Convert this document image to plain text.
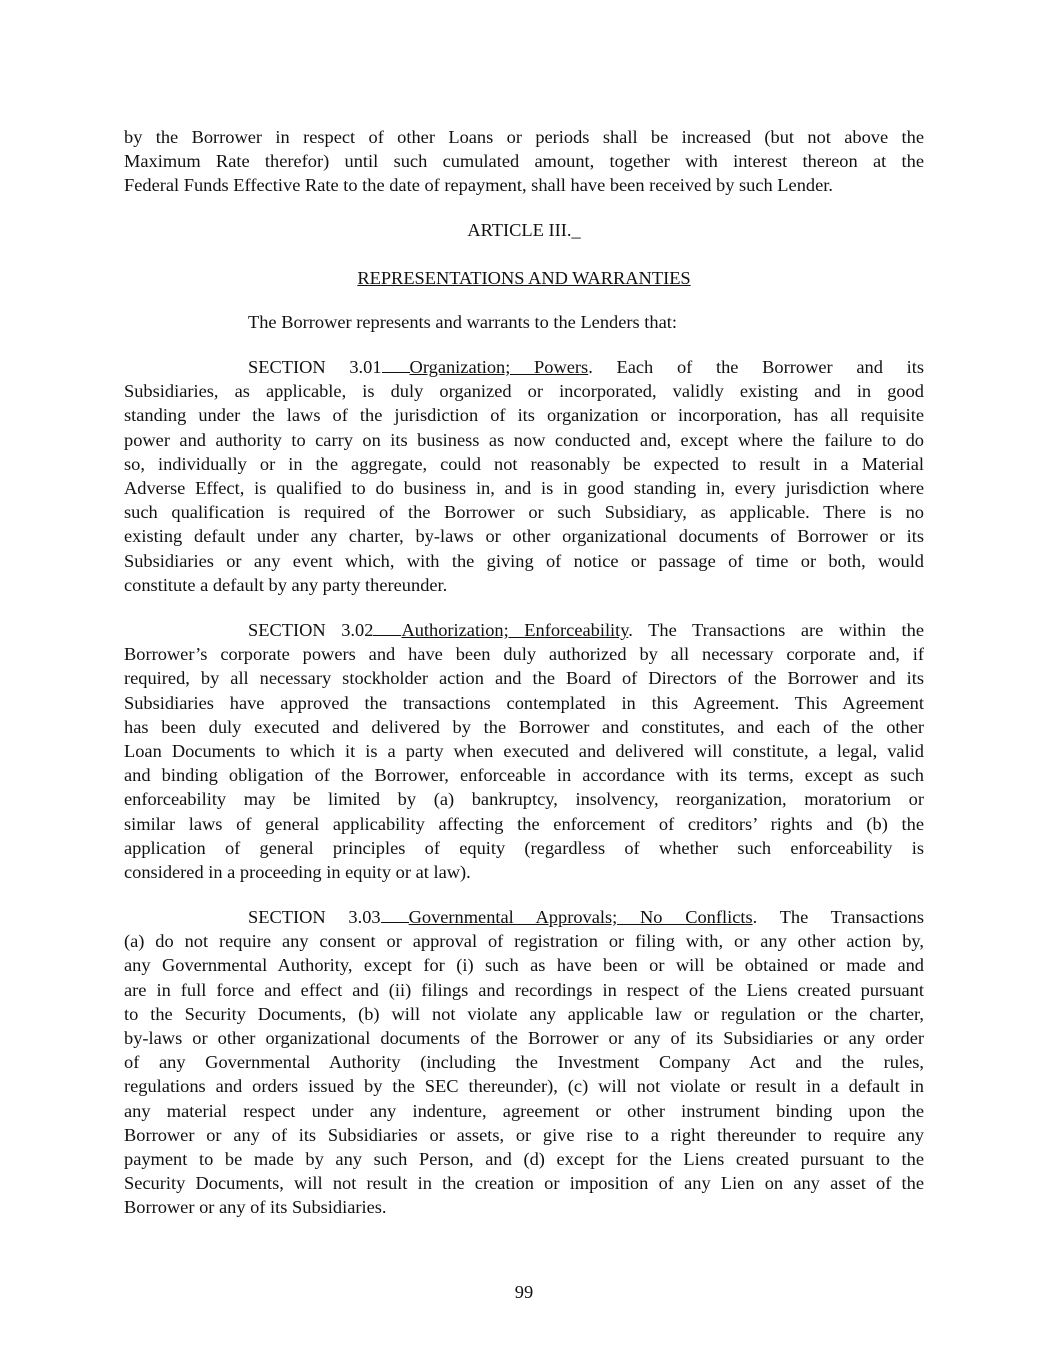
by the Borrower in respect of other Loans or periods shall be increased (but not above the
Maximum Rate therefor) until such cumulated amount, together with interest thereon at the
Federal Funds Effective Rate to the date of repayment, shall have been received by such Lender.
ARTICLE III._
REPRESENTATIONS AND WARRANTIES
The Borrower represents and warrants to the Lenders that:
SECTION 3.01 Organization; Powers. Each of the Borrower and its
Subsidiaries, as applicable, is duly organized or incorporated, validly existing and in good
standing under the laws of the jurisdiction of its organization or incorporation, has all requisite
power and authority to carry on its business as now conducted and, except where the failure to do
so, individually or in the aggregate, could not reasonably be expected to result in a Material
Adverse Effect, is qualified to do business in, and is in good standing in, every jurisdiction where
such qualification is required of the Borrower or such Subsidiary, as applicable. There is no
existing default under any charter, by-laws or other organizational documents of Borrower or its
Subsidiaries or any event which, with the giving of notice or passage of time or both, would
constitute a default by any party thereunder.
SECTION 3.02 Authorization; Enforceability. The Transactions are within the
Borrower’s corporate powers and have been duly authorized by all necessary corporate and, if
required, by all necessary stockholder action and the Board of Directors of the Borrower and its
Subsidiaries have approved the transactions contemplated in this Agreement. This Agreement
has been duly executed and delivered by the Borrower and constitutes, and each of the other
Loan Documents to which it is a party when executed and delivered will constitute, a legal, valid
and binding obligation of the Borrower, enforceable in accordance with its terms, except as such
enforceability may be limited by (a) bankruptcy, insolvency, reorganization, moratorium or
similar laws of general applicability affecting the enforcement of creditors’ rights and (b) the
application of general principles of equity (regardless of whether such enforceability is
considered in a proceeding in equity or at law).
SECTION 3.03 Governmental Approvals; No Conflicts. The Transactions
(a) do not require any consent or approval of registration or filing with, or any other action by,
any Governmental Authority, except for (i) such as have been or will be obtained or made and
are in full force and effect and (ii) filings and recordings in respect of the Liens created pursuant
to the Security Documents, (b) will not violate any applicable law or regulation or the charter,
by-laws or other organizational documents of the Borrower or any of its Subsidiaries or any order
of any Governmental Authority (including the Investment Company Act and the rules,
regulations and orders issued by the SEC thereunder), (c) will not violate or result in a default in
any material respect under any indenture, agreement or other instrument binding upon the
Borrower or any of its Subsidiaries or assets, or give rise to a right thereunder to require any
payment to be made by any such Person, and (d) except for the Liens created pursuant to the
Security Documents, will not result in the creation or imposition of any Lien on any asset of the
Borrower or any of its Subsidiaries.
99
